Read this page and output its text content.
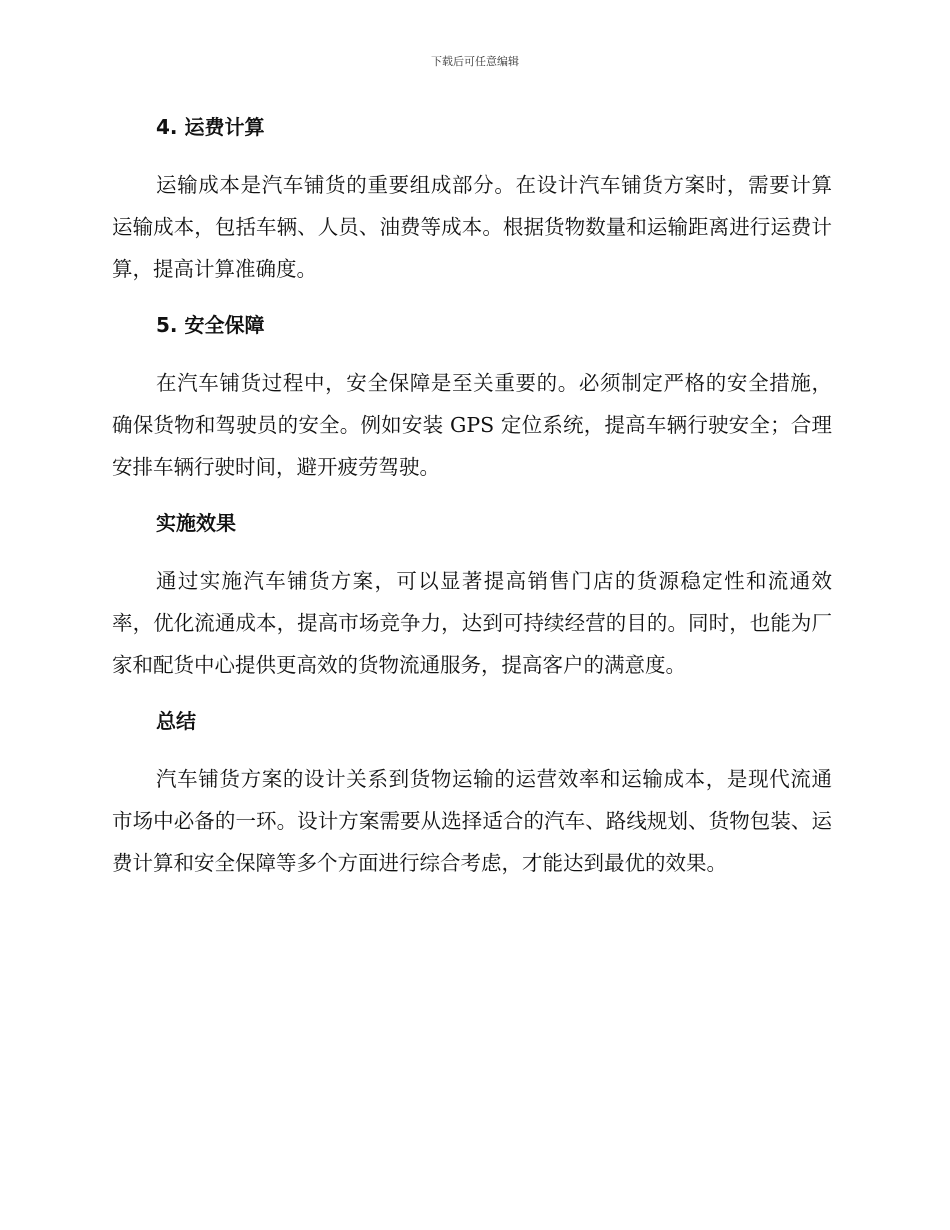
下载后可任意编辑
4. 运费计算

运输成本是汽车铺货的重要组成部分。在设计汽车铺货方案时，需要计算运输成本，包括车辆、人员、油费等成本。根据货物数量和运输距离进行运费计算，提高计算准确度。

5. 安全保障

在汽车铺货过程中，安全保障是至关重要的。必须制定严格的安全措施，确保货物和驾驶员的安全。例如安装 GPS 定位系统，提高车辆行驶安全；合理安排车辆行驶时间，避开疲劳驾驶。

实施效果

通过实施汽车铺货方案，可以显著提高销售门店的货源稳定性和流通效率，优化流通成本，提高市场竞争力，达到可持续经营的目的。同时，也能为厂家和配货中心提供更高效的货物流通服务，提高客户的满意度。

总结

汽车铺货方案的设计关系到货物运输的运营效率和运输成本，是现代流通市场中必备的一环。设计方案需要从选择适合的汽车、路线规划、货物包装、运费计算和安全保障等多个方面进行综合考虑，才能达到最优的效果。
